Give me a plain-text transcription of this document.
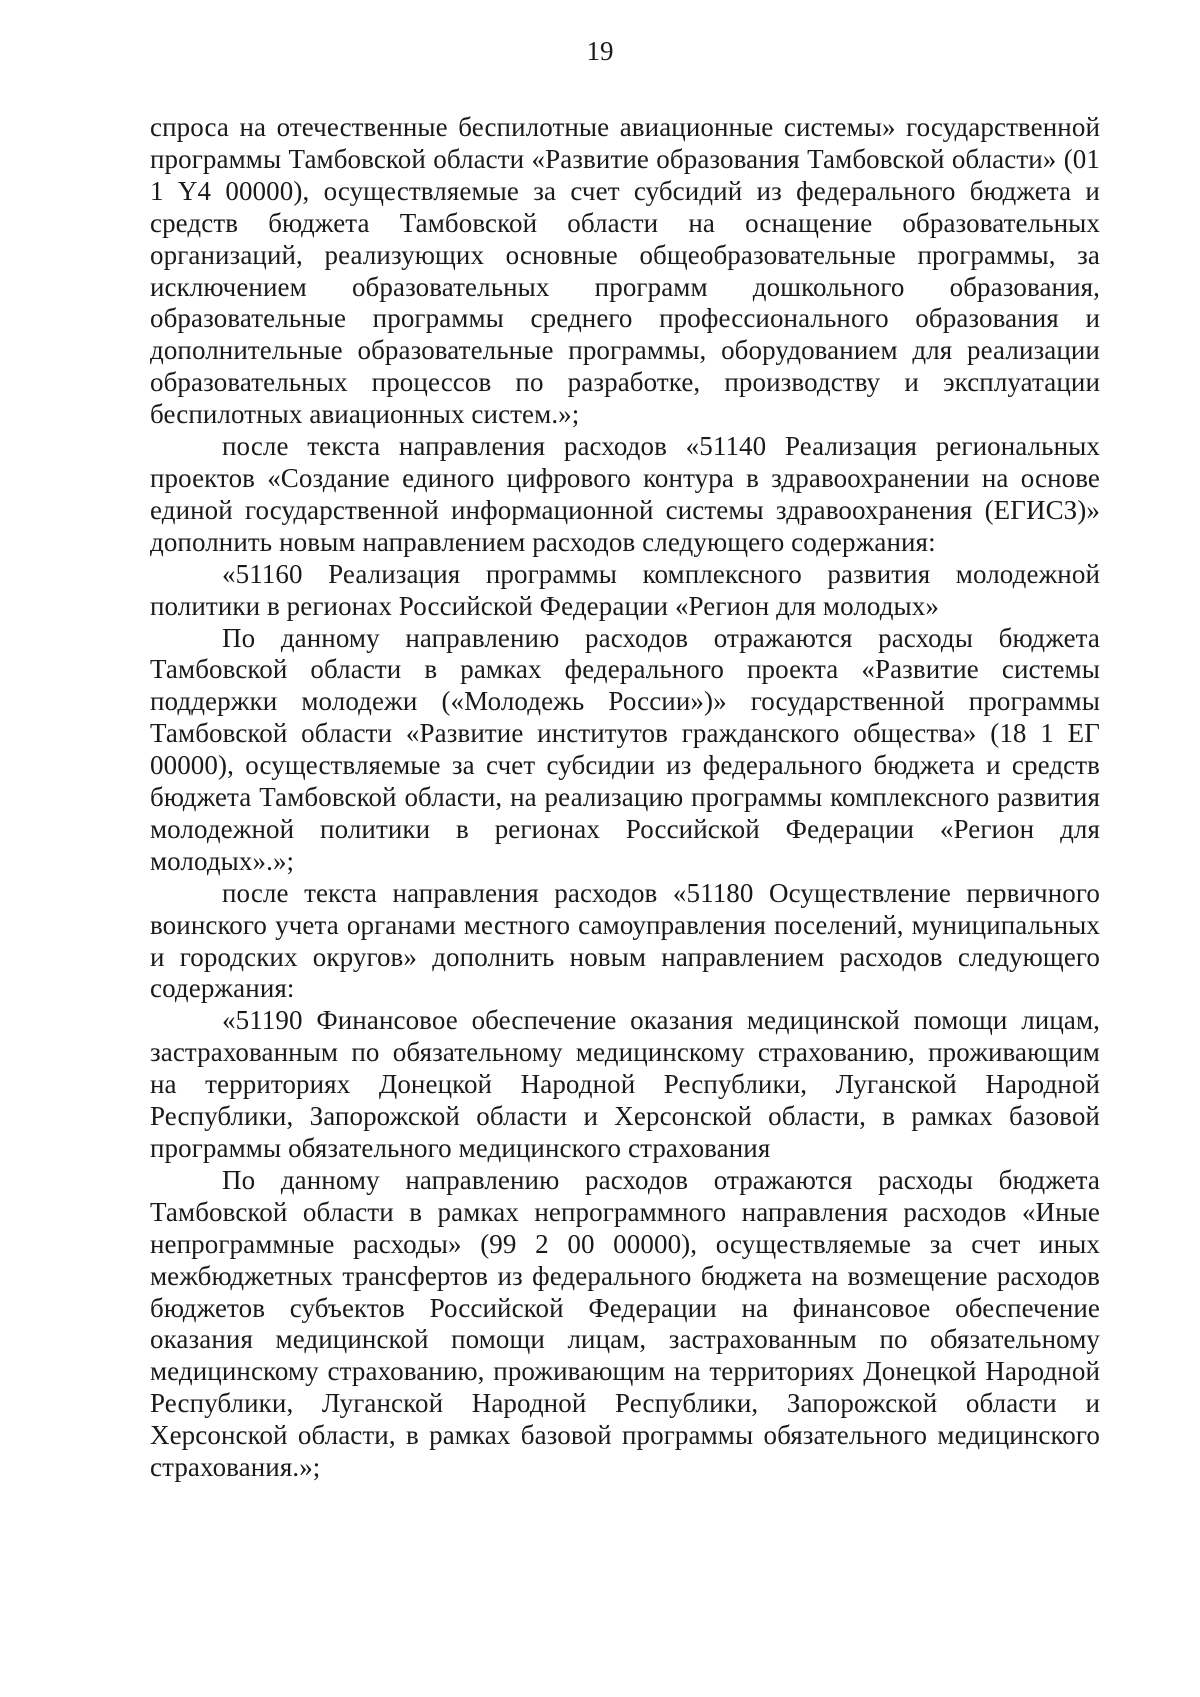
19

спроса на отечественные беспилотные авиационные системы» государственной программы Тамбовской области «Развитие образования Тамбовской области» (01 1 Y4 00000), осуществляемые за счет субсидий из федерального бюджета и средств бюджета Тамбовской области на оснащение образовательных организаций, реализующих основные общеобразовательные программы, за исключением образовательных программ дошкольного образования, образовательные программы среднего профессионального образования и дополнительные образовательные программы, оборудованием для реализации образовательных процессов по разработке, производству и эксплуатации беспилотных авиационных систем.»;

после текста направления расходов «51140 Реализация региональных проектов «Создание единого цифрового контура в здравоохранении на основе единой государственной информационной системы здравоохранения (ЕГИСЗ)» дополнить новым направлением расходов следующего содержания:

«51160 Реализация программы комплексного развития молодежной политики в регионах Российской Федерации «Регион для молодых»

По данному направлению расходов отражаются расходы бюджета Тамбовской области в рамках федерального проекта «Развитие системы поддержки молодежи («Молодежь России»)» государственной программы Тамбовской области «Развитие институтов гражданского общества» (18 1 ЕГ 00000), осуществляемые за счет субсидии из федерального бюджета и средств бюджета Тамбовской области, на реализацию программы комплексного развития молодежной политики в регионах Российской Федерации «Регион для молодых».»;

после текста направления расходов «51180 Осуществление первичного воинского учета органами местного самоуправления поселений, муниципальных и городских округов» дополнить новым направлением расходов следующего содержания:

«51190 Финансовое обеспечение оказания медицинской помощи лицам, застрахованным по обязательному медицинскому страхованию, проживающим на территориях Донецкой Народной Республики, Луганской Народной Республики, Запорожской области и Херсонской области, в рамках базовой программы обязательного медицинского страхования

По данному направлению расходов отражаются расходы бюджета Тамбовской области в рамках непрограммного направления расходов «Иные непрограммные расходы» (99 2 00 00000), осуществляемые за счет иных межбюджетных трансфертов из федерального бюджета на возмещение расходов бюджетов субъектов Российской Федерации на финансовое обеспечение оказания медицинской помощи лицам, застрахованным по обязательному медицинскому страхованию, проживающим на территориях Донецкой Народной Республики, Луганской Народной Республики, Запорожской области и Херсонской области, в рамках базовой программы обязательного медицинского страхования.»;
